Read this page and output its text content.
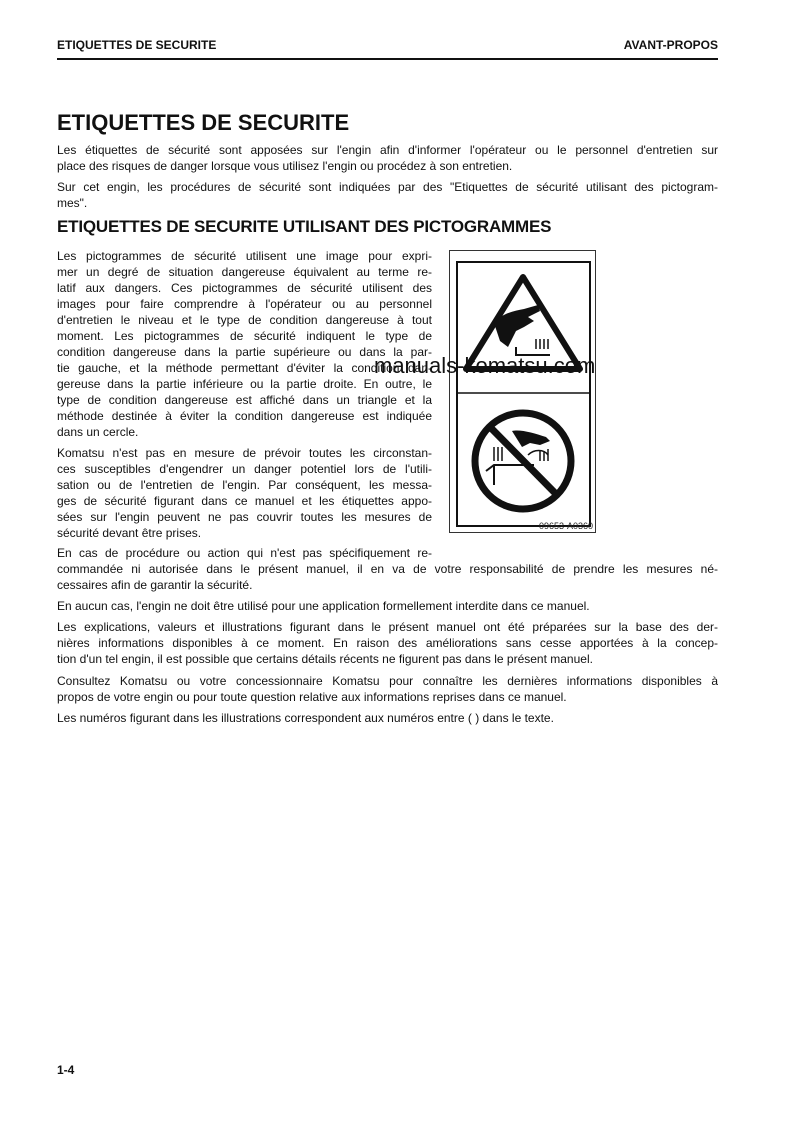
ETIQUETTES DE SECURITE	AVANT-PROPOS
ETIQUETTES DE SECURITE
Les étiquettes de sécurité sont apposées sur l'engin afin d'informer l'opérateur ou le personnel d'entretien sur
place des risques de danger lorsque vous utilisez l'engin ou procédez à son entretien.
Sur cet engin, les procédures de sécurité sont indiquées par des "Etiquettes de sécurité utilisant des pictogram-
mes".
ETIQUETTES DE SECURITE UTILISANT DES PICTOGRAMMES
Les pictogrammes de sécurité utilisent une image pour expri-
mer un degré de situation dangereuse équivalent au terme re-
latif aux dangers. Ces pictogrammes de sécurité utilisent des
images pour faire comprendre à l'opérateur ou au personnel
d'entretien le niveau et le type de condition dangereuse à tout
moment. Les pictogrammes de sécurité indiquent le type de
condition dangereuse dans la partie supérieure ou dans la par-
tie gauche, et la méthode permettant d'éviter la condition dan-
gereuse dans la partie inférieure ou la partie droite. En outre, le
type de condition dangereuse est affiché dans un triangle et la
méthode destinée à éviter la condition dangereuse est indiquée
dans un cercle.
Komatsu n'est pas en mesure de prévoir toutes les circonstan-
ces susceptibles d'engendrer un danger potentiel lors de l'utili-
sation ou de l'entretien de l'engin. Par conséquent, les messa-
ges de sécurité figurant dans ce manuel et les étiquettes appo-
sées sur l'engin peuvent ne pas couvrir toutes les mesures de
sécurité devant être prises.
En cas de procédure ou action qui n'est pas spécifiquement re-
commandée ni autorisée dans le présent manuel, il en va de votre responsabilité de prendre les mesures né-
cessaires afin de garantir la sécurité.
En aucun cas, l'engin ne doit être utilisé pour une application formellement interdite dans ce manuel.
Les explications, valeurs et illustrations figurant dans le présent manuel ont été préparées sur la base des der-
nières informations disponibles à ce moment. En raison des améliorations sans cesse apportées à la concep-
tion d'un tel engin, il est possible que certains détails récents ne figurent pas dans le présent manuel.
Consultez Komatsu ou votre concessionnaire Komatsu pour connaître les dernières informations disponibles à
propos de votre engin ou pour toute question relative aux informations reprises dans ce manuel.
Les numéros figurant dans les illustrations correspondent aux numéros entre ( ) dans le texte.
09653-A0360
manuals-komatsu.com
1-4
